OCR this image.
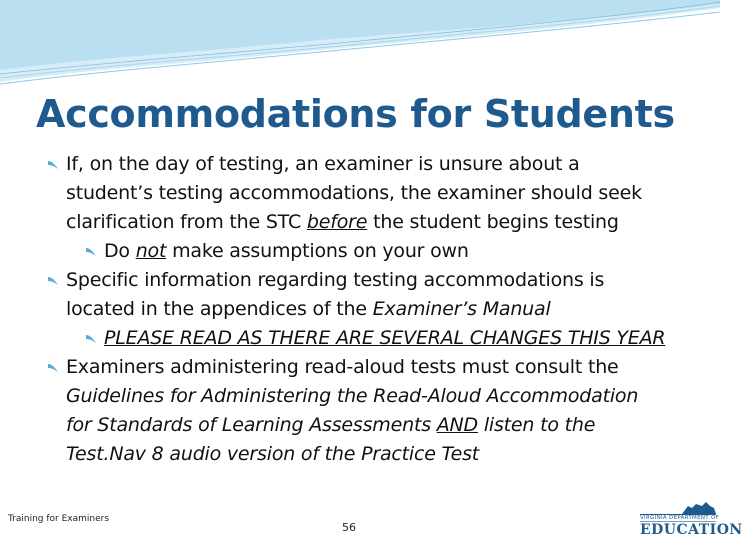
Accommodations for Students
If, on the day of testing, an examiner is unsure about a
student’s testing accommodations, the examiner should seek
clarification from the STC before the student begins testing
Do not make assumptions on your own
Specific information regarding testing accommodations is
located in the appendices of the Examiner’s Manual
PLEASE READ AS THERE ARE SEVERAL CHANGES THIS YEAR
Examiners administering read-aloud tests must consult the
Guidelines for Administering the Read-Aloud Accommodation
for Standards of Learning Assessments AND listen to the
Test.Nav 8 audio version of the Practice Test
Training for Examiners
56
VIRGINIA DEPARTMENT OF
EDUCATION
